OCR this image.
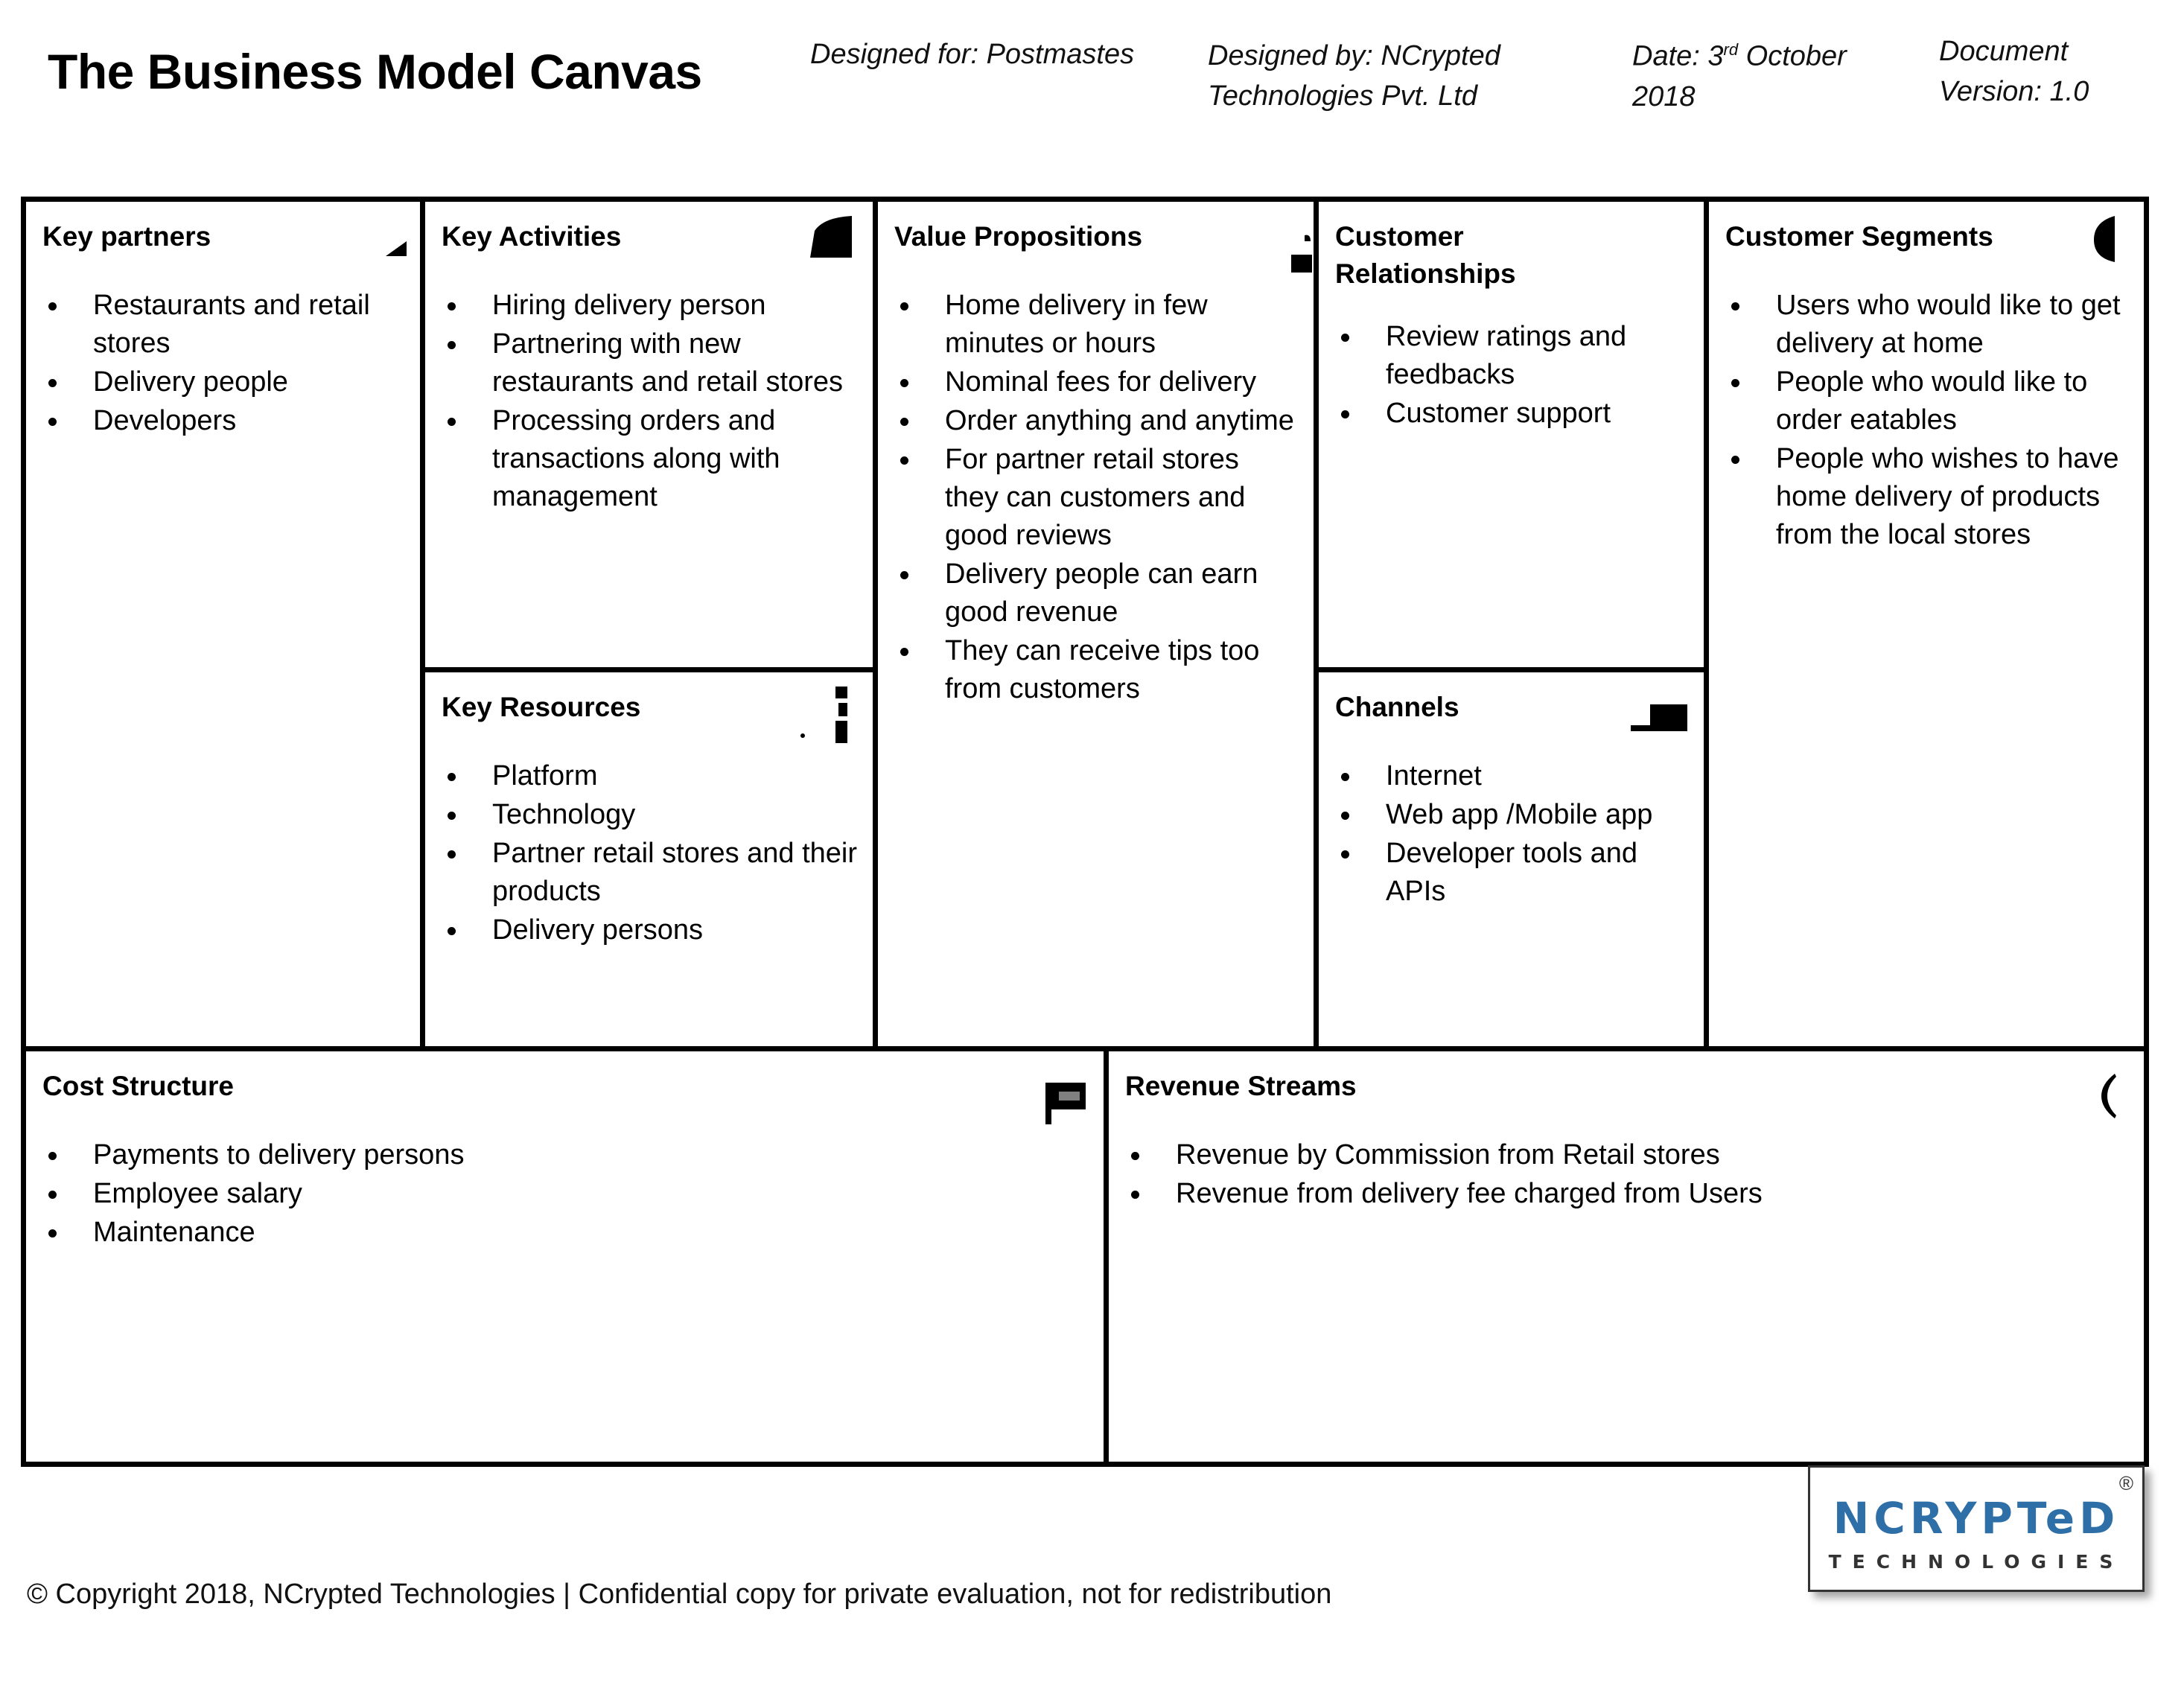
The Business Model Canvas	Designed for: Postmastes	Designed by: NCrypted
Technologies Pvt. Ltd
Date: 3rd October
2018
Document
Version: 1.0
Key partners
Restaurants and retail stores
Delivery people
Developers
Key Activities
Hiring delivery person
Partnering with new restaurants and retail stores
Processing orders and transactions along with management
Key Resources
Platform
Technology
Partner retail stores and their products
Delivery persons
Value Propositions
Home delivery in few minutes or hours
Nominal fees for delivery
Order anything and anytime
For partner retail stores they can customers and good reviews
Delivery people can earn good revenue
They can receive tips too from customers
Customer Relationships
Review ratings and feedbacks
Customer support
Channels
Internet
Web app /Mobile app
Developer tools and APIs
Customer Segments
Users who would like to get delivery at home
People who would like to order eatables
People who wishes to have home delivery of products from the local stores
Cost Structure
Payments to delivery persons
Employee salary
Maintenance
Revenue Streams
Revenue by Commission from Retail stores
Revenue from delivery fee charged from Users
© Copyright 2018, NCrypted Technologies | Confidential copy for private evaluation, not for redistribution
®
NCRYPTeD
TECHNOLOGIES
